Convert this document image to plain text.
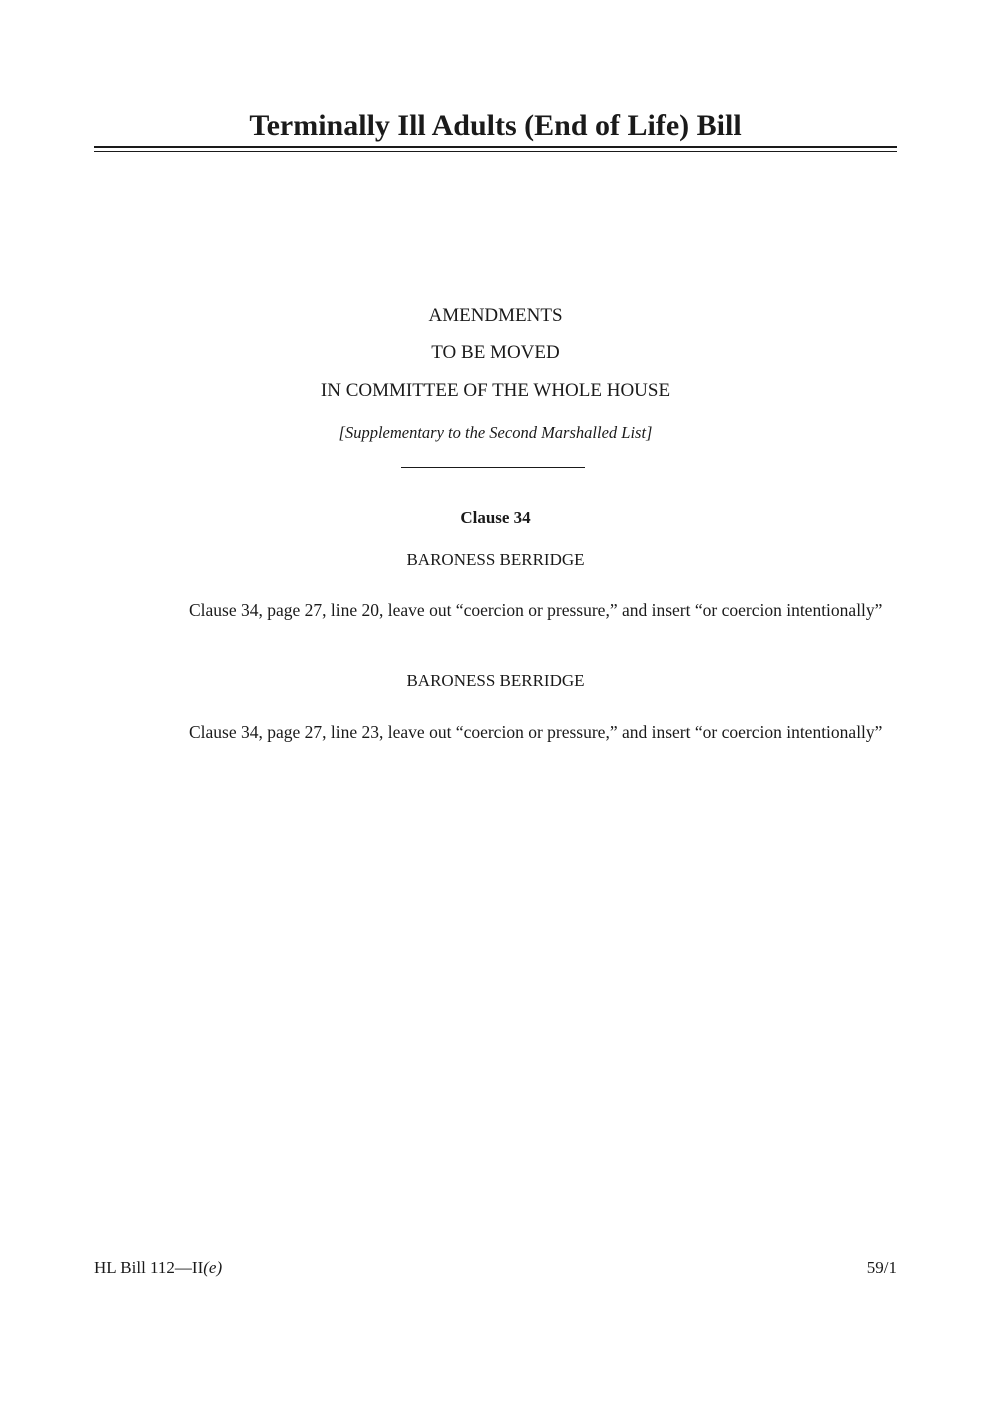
Terminally Ill Adults (End of Life) Bill
AMENDMENTS
TO BE MOVED
IN COMMITTEE OF THE WHOLE HOUSE
[Supplementary to the Second Marshalled List]
Clause 34
BARONESS BERRIDGE

Clause 34, page 27, line 20, leave out “coercion or pressure,” and insert “or coercion intentionally”

BARONESS BERRIDGE

Clause 34, page 27, line 23, leave out “coercion or pressure,” and insert “or coercion intentionally”

HL Bill 112—II(e)	59/1
